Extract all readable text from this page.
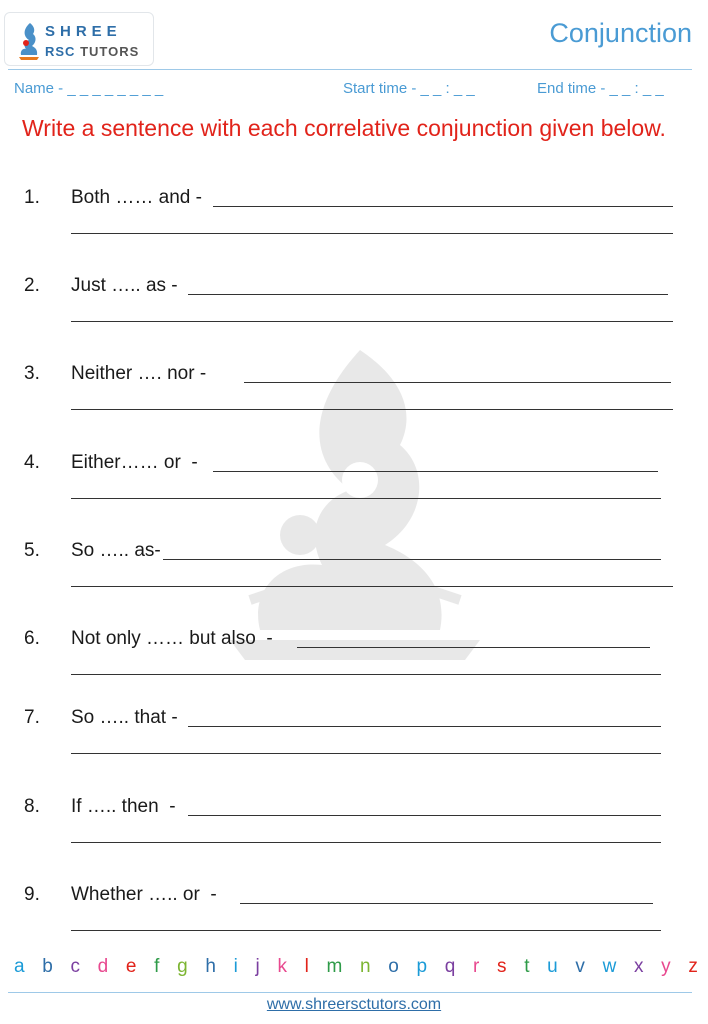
SHREE
RSC TUTORS
Conjunction
Name - _ _ _ _ _ _ _ _	Start time - _ _ : _ _	End time - _ _ : _ _
Write a sentence with each correlative conjunction given below.
1. Both …… and -
2. Just ….. as -
3. Neither …. nor -
4. Either…… or  -
5. So ….. as-
6. Not only …… but also  -
7. So ….. that -
8. If ….. then  -
9. Whether ….. or  -
a b c d e f g h i j k l m n o p q r s t u v w x y z
www.shreersctutors.com
